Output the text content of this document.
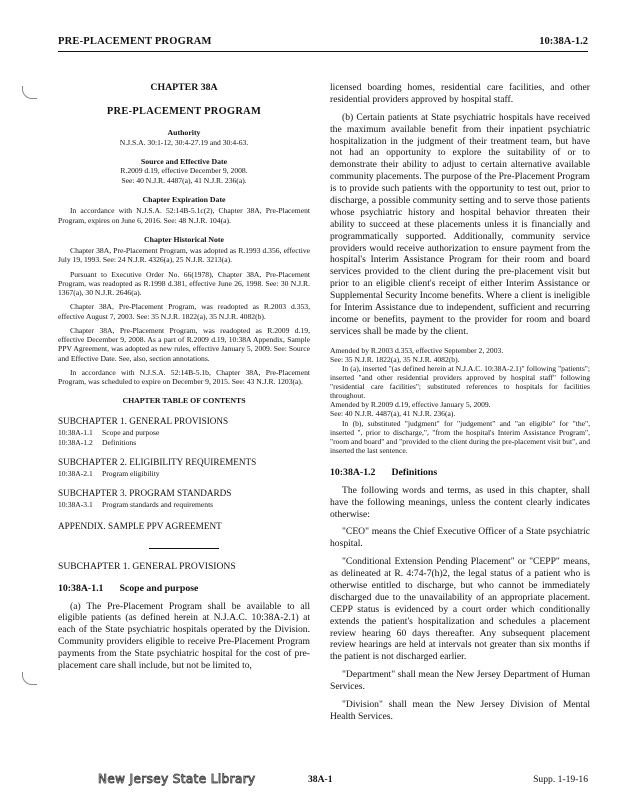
PRE-PLACEMENT PROGRAM	10:38A-1.2
CHAPTER 38A
PRE-PLACEMENT PROGRAM
Authority
N.J.S.A. 30:1-12, 30:4-27.19 and 30:4-63.
Source and Effective Date
R.2009 d.19, effective December 9, 2008.
See: 40 N.J.R. 4487(a), 41 N.J.R. 236(a).
Chapter Expiration Date

In accordance with N.J.S.A. 52:14B-5.1c(2), Chapter 38A, Pre-Placement Program, expires on June 6, 2016. See: 48 N.J.R. 104(a).

Chapter Historical Note

Chapter 38A, Pre-Placement Program, was adopted as R.1993 d.356, effective July 19, 1993. See: 24 N.J.R. 4326(a), 25 N.J.R. 3213(a).

Pursuant to Executive Order No. 66(1978), Chapter 38A, Pre-Placement Program, was readopted as R.1998 d.381, effective June 26, 1998. See: 30 N.J.R. 1367(a), 30 N.J.R. 2646(a).

Chapter 38A, Pre-Placement Program, was readopted as R.2003 d.353, effective August 7, 2003. See: 35 N.J.R. 1822(a), 35 N.J.R. 4082(b).

Chapter 38A, Pre-Placement Program, was readopted as R.2009 d.19, effective December 9, 2008. As a part of R.2009 d.19, 10:38A Appendix, Sample PPV Agreement, was adopted as new rules, effective January 5, 2009. See: Source and Effective Date. See, also, section annotations.

In accordance with N.J.S.A. 52:14B-5.1b, Chapter 38A, Pre-Placement Program, was scheduled to expire on December 9, 2015. See: 43 N.J.R. 1203(a).

CHAPTER TABLE OF CONTENTS
SUBCHAPTER 1. GENERAL PROVISIONS
10:38A-1.1	Scope and purpose
10:38A-1.2	Definitions
SUBCHAPTER 2. ELIGIBILITY REQUIREMENTS
10:38A-2.1	Program eligibility
SUBCHAPTER 3. PROGRAM STANDARDS
10:38A-3.1	Program standards and requirements
APPENDIX. SAMPLE PPV AGREEMENT
SUBCHAPTER 1. GENERAL PROVISIONS
10:38A-1.1 Scope and purpose

(a) The Pre-Placement Program shall be available to all eligible patients (as defined herein at N.J.A.C. 10:38A-2.1) at each of the State psychiatric hospitals operated by the Division. Community providers eligible to receive Pre-Placement Program payments from the State psychiatric hospital for the cost of pre-placement care shall include, but not be limited to,

licensed boarding homes, residential care facilities, and other residential providers approved by hospital staff.

(b) Certain patients at State psychiatric hospitals have received the maximum available benefit from their inpatient psychiatric hospitalization in the judgment of their treatment team, but have not had an opportunity to explore the suitability of or to demonstrate their ability to adjust to certain alternative available community placements. The purpose of the Pre-Placement Program is to provide such patients with the opportunity to test out, prior to discharge, a possible community setting and to serve those patients whose psychiatric history and hospital behavior threaten their ability to succeed at these placements unless it is financially and programmatically supported. Additionally, community service providers would receive authorization to ensure payment from the hospital's Interim Assistance Program for their room and board services provided to the client during the pre-placement visit but prior to an eligible client's receipt of either Interim Assistance or Supplemental Security Income benefits. Where a client is ineligible for Interim Assistance due to independent, sufficient and recurring income or benefits, payment to the provider for room and board services shall be made by the client.

Amended by R.2003 d.353, effective September 2, 2003.

See: 35 N.J.R. 1822(a), 35 N.J.R. 4082(b).

In (a), inserted "(as defined herein at N.J.A.C. 10:38A-2.1)" following "patients"; inserted "and other residential providers approved by hospital staff" following "residential care facilities"; substituted references to hospitals for facilities throughout.

Amended by R.2009 d.19, effective January 5, 2009.

See: 40 N.J.R. 4487(a), 41 N.J.R. 236(a).

In (b), substituted "judgment" for "judgement" and "an eligible" for "the", inserted ", prior to discharge,", "from the hospital's Interim Assistance Program", "room and board" and "provided to the client during the pre-placement visit but", and inserted the last sentence.

10:38A-1.2 Definitions

The following words and terms, as used in this chapter, shall have the following meanings, unless the content clearly indicates otherwise:

"CEO" means the Chief Executive Officer of a State psychiatric hospital.

"Conditional Extension Pending Placement" or "CEPP" means, as delineated at R. 4:74-7(h)2, the legal status of a patient who is otherwise entitled to discharge, but who cannot be immediately discharged due to the unavailability of an appropriate placement. CEPP status is evidenced by a court order which conditionally extends the patient's hospitalization and schedules a placement review hearing 60 days thereafter. Any subsequent placement review hearings are held at intervals not greater than six months if the patient is not discharged earlier.

"Department" shall mean the New Jersey Department of Human Services.

"Division" shall mean the New Jersey Division of Mental Health Services.

New Jersey State Library	38A-1	Supp. 1-19-16
